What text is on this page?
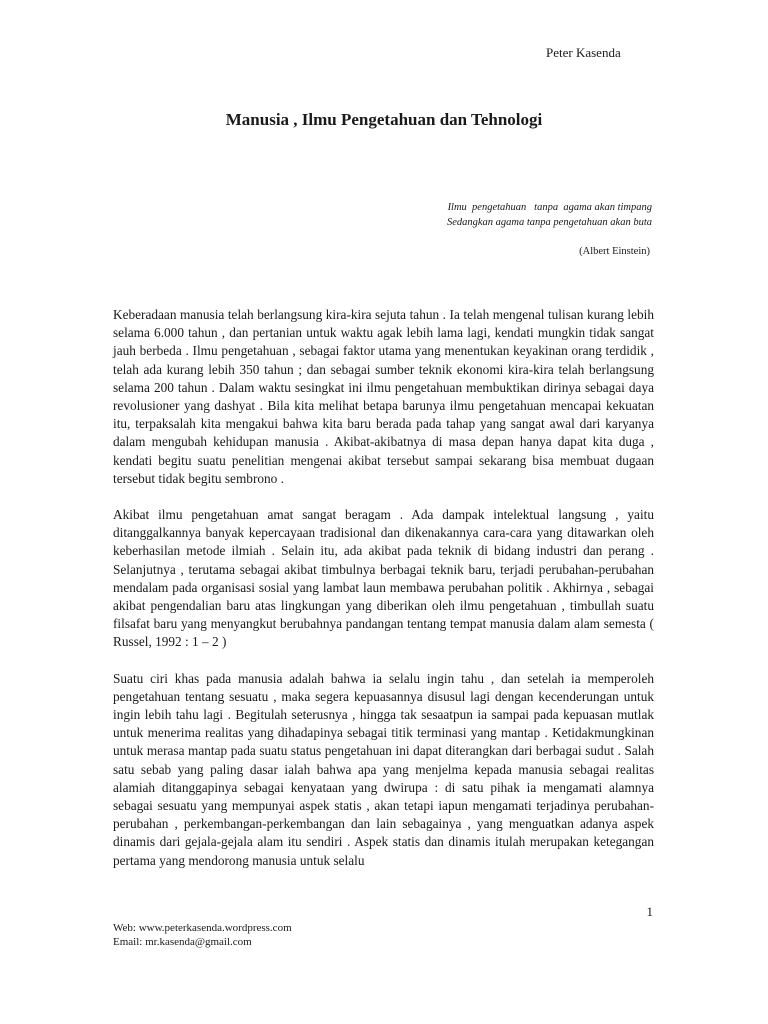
Peter Kasenda
Manusia , Ilmu Pengetahuan dan Tehnologi
Ilmu  pengetahuan   tanpa  agama akan timpang
Sedangkan agama tanpa pengetahuan akan buta
(Albert Einstein)

Keberadaan manusia telah berlangsung kira-kira sejuta tahun . Ia telah mengenal tulisan kurang lebih selama 6.000 tahun , dan pertanian untuk waktu agak lebih lama lagi, kendati mungkin tidak sangat jauh berbeda . Ilmu pengetahuan , sebagai faktor utama yang menentukan keyakinan orang terdidik , telah ada kurang lebih 350 tahun ; dan sebagai sumber teknik ekonomi kira-kira telah berlangsung selama 200 tahun . Dalam waktu sesingkat ini ilmu pengetahuan membuktikan dirinya sebagai daya revolusioner yang dashyat . Bila kita melihat betapa barunya ilmu pengetahuan mencapai kekuatan itu, terpaksalah kita mengakui bahwa kita baru berada pada tahap yang sangat awal dari karyanya dalam mengubah kehidupan manusia . Akibat-akibatnya di masa depan hanya dapat kita duga , kendati begitu suatu penelitian mengenai akibat tersebut sampai sekarang bisa membuat dugaan tersebut tidak begitu sembrono .

Akibat ilmu pengetahuan amat sangat beragam . Ada dampak intelektual langsung , yaitu ditanggalkannya banyak kepercayaan tradisional dan dikenakannya cara-cara yang ditawarkan oleh keberhasilan metode ilmiah . Selain itu, ada akibat pada teknik di bidang industri dan perang . Selanjutnya , terutama sebagai akibat timbulnya berbagai teknik baru, terjadi perubahan-perubahan mendalam pada organisasi sosial yang lambat laun membawa perubahan politik . Akhirnya , sebagai akibat pengendalian baru atas lingkungan yang diberikan oleh ilmu pengetahuan , timbullah suatu filsafat baru yang menyangkut berubahnya pandangan tentang tempat manusia dalam alam semesta ( Russel, 1992 : 1 – 2 )

Suatu ciri khas pada manusia adalah bahwa ia selalu ingin tahu , dan setelah ia memperoleh pengetahuan tentang sesuatu , maka segera kepuasannya disusul lagi dengan kecenderungan untuk ingin lebih tahu lagi . Begitulah seterusnya , hingga tak sesaatpun ia sampai pada kepuasan mutlak untuk menerima realitas yang dihadapinya sebagai titik terminasi yang mantap . Ketidakmungkinan untuk merasa mantap pada suatu status pengetahuan ini dapat diterangkan dari berbagai sudut . Salah satu sebab yang paling dasar ialah bahwa apa yang menjelma kepada manusia sebagai realitas alamiah ditanggapinya sebagai kenyataan yang dwirupa : di satu pihak ia mengamati alamnya sebagai sesuatu yang mempunyai aspek statis , akan tetapi iapun mengamati terjadinya perubahan-perubahan , perkembangan-perkembangan dan lain sebagainya , yang menguatkan adanya aspek dinamis dari gejala-gejala alam itu sendiri . Aspek statis dan dinamis itulah merupakan ketegangan pertama yang mendorong manusia untuk selalu

1
Web: www.peterkasenda.wordpress.com
Email: mr.kasenda@gmail.com
